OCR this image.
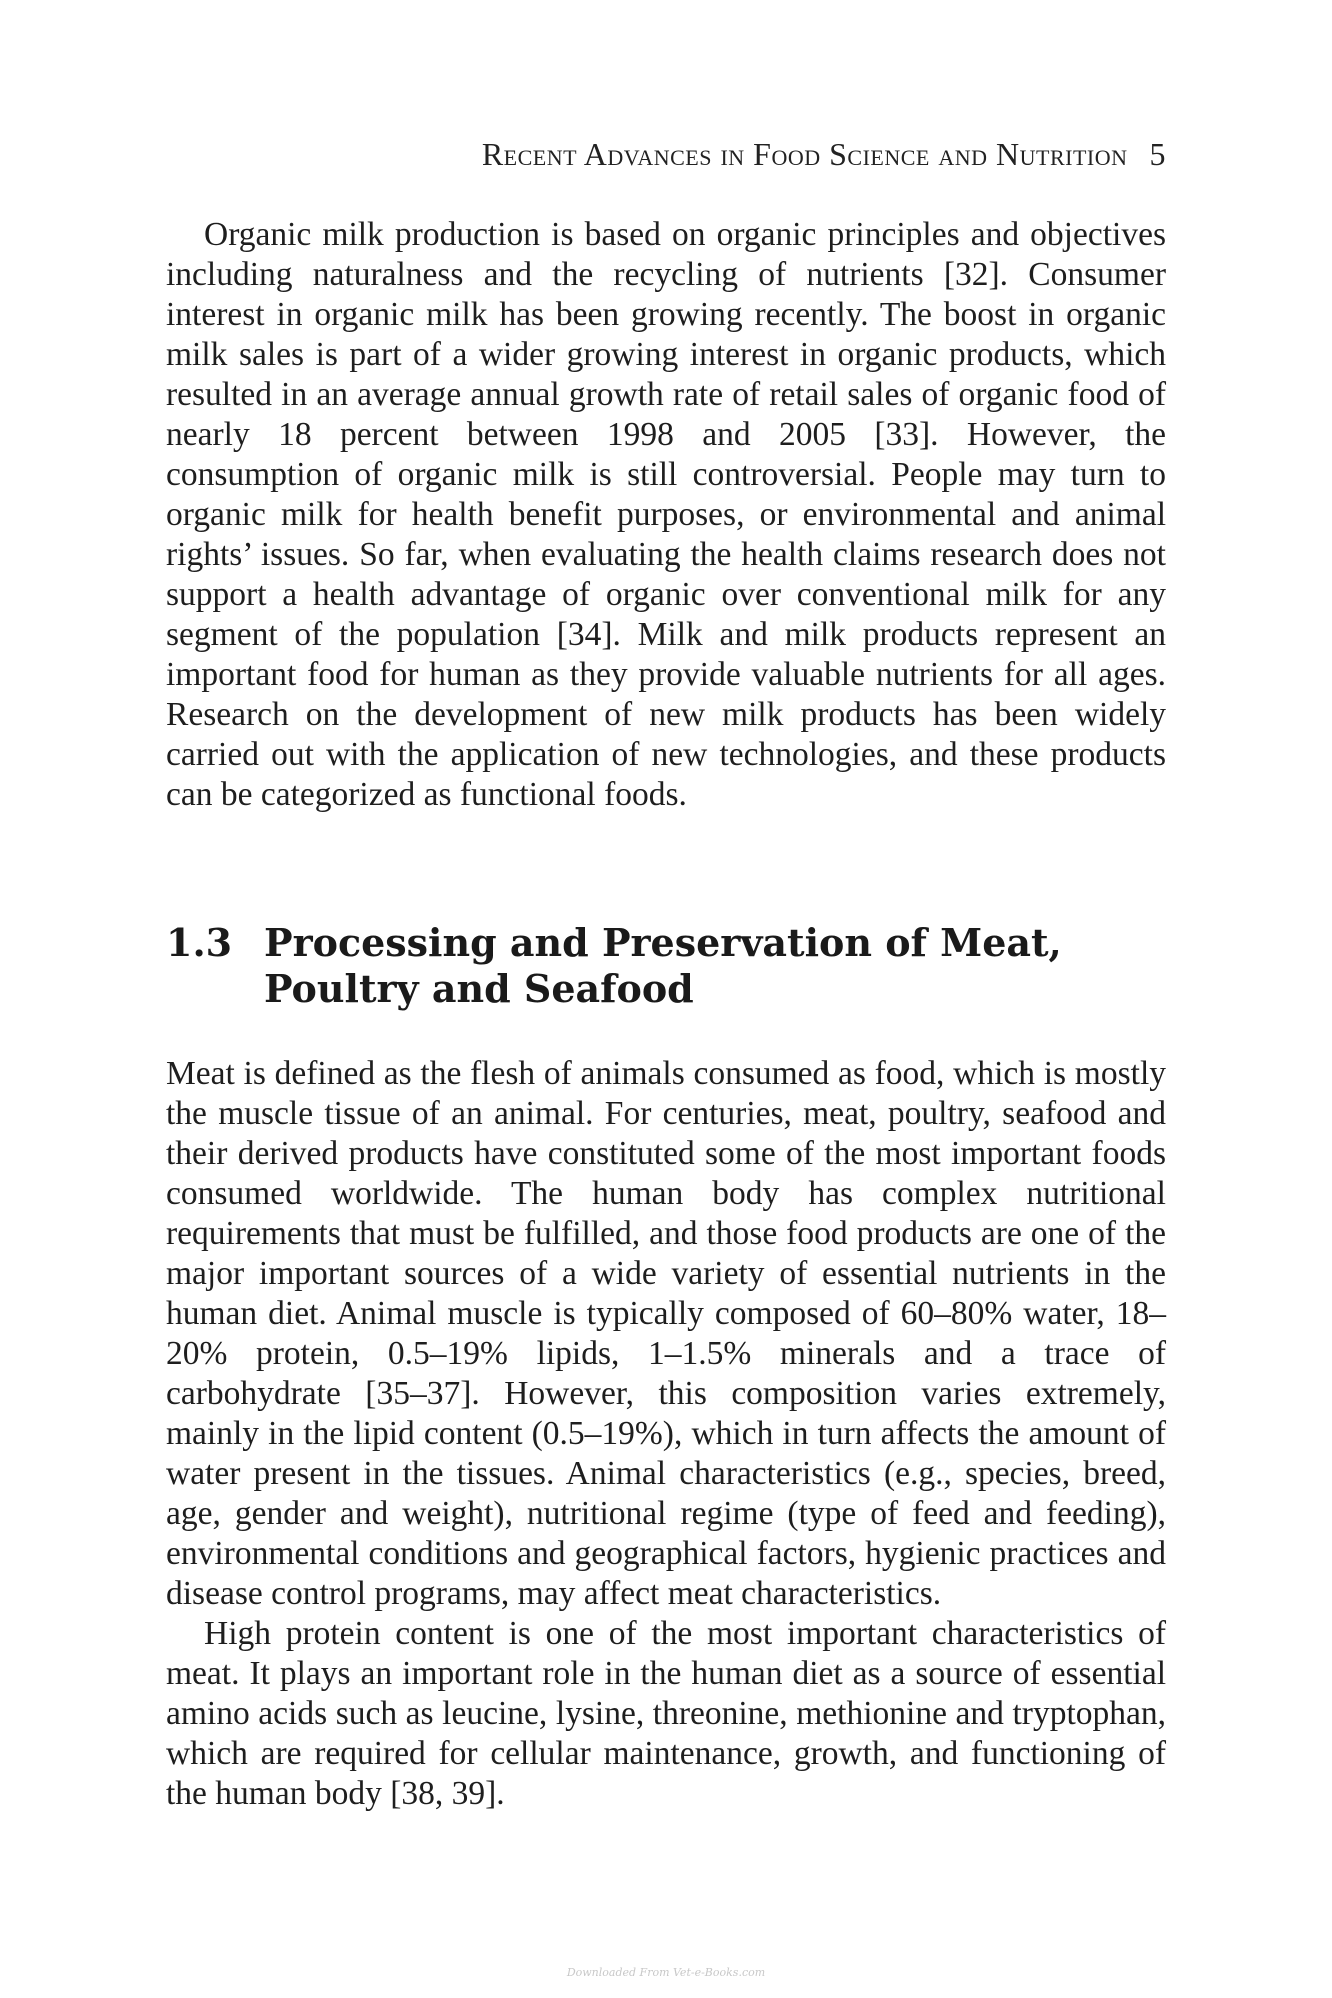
Recent Advances in Food Science and Nutrition 5

Organic milk production is based on organic principles and objectives including naturalness and the recycling of nutrients [32]. Consumer interest in organic milk has been growing recently. The boost in organic milk sales is part of a wider growing interest in organic products, which resulted in an average annual growth rate of retail sales of organic food of nearly 18 percent between 1998 and 2005 [33]. However, the consumption of organic milk is still controversial. People may turn to organic milk for health benefit purposes, or environmental and animal rights’ issues. So far, when evaluating the health claims research does not support a health advantage of organic over conventional milk for any segment of the population [34]. Milk and milk products represent an important food for human as they provide valuable nutrients for all ages. Research on the development of new milk products has been widely carried out with the application of new technologies, and these products can be categorized as functional foods.

1.3 Processing and Preservation of Meat, Poultry and Seafood

Meat is defined as the flesh of animals consumed as food, which is mostly the muscle tissue of an animal. For centuries, meat, poultry, seafood and their derived products have constituted some of the most important foods consumed worldwide. The human body has complex nutritional requirements that must be fulfilled, and those food products are one of the major important sources of a wide variety of essential nutrients in the human diet. Animal muscle is typically composed of 60–80% water, 18–20% protein, 0.5–19% lipids, 1–1.5% minerals and a trace of carbohydrate [35–37]. However, this composition varies extremely, mainly in the lipid content (0.5–19%), which in turn affects the amount of water present in the tissues. Animal characteristics (e.g., species, breed, age, gender and weight), nutritional regime (type of feed and feeding), environmental conditions and geographical factors, hygienic practices and disease control programs, may affect meat characteristics.

High protein content is one of the most important characteristics of meat. It plays an important role in the human diet as a source of essential amino acids such as leucine, lysine, threonine, methionine and tryptophan, which are required for cellular maintenance, growth, and functioning of the human body [38, 39].

Downloaded From Vet-e-Books.com
